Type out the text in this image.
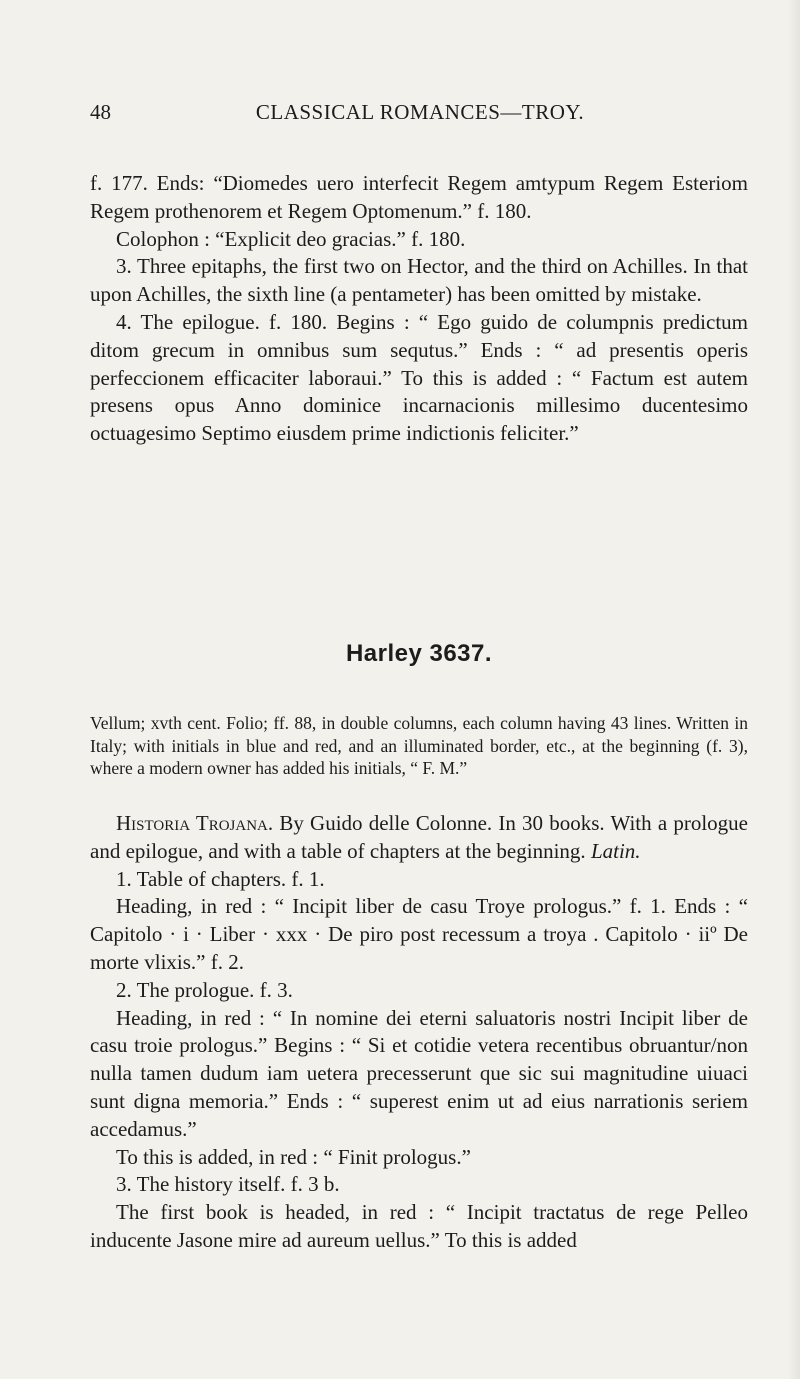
48	CLASSICAL ROMANCES—TROY.

f. 177. Ends: “Diomedes uero interfecit Regem amtypum Regem Esteriom Regem prothenorem et Regem Optomenum.” f. 180.

Colophon : “Explicit deo gracias.” f. 180.

3. Three epitaphs, the first two on Hector, and the third on Achilles. In that upon Achilles, the sixth line (a pentameter) has been omitted by mistake.

4. The epilogue. f. 180. Begins : “ Ego guido de columpnis predictum ditom grecum in omnibus sum sequtus.” Ends : “ ad presentis operis perfeccionem efficaciter laboraui.” To this is added : “ Factum est autem presens opus Anno dominice incarnacionis millesimo ducentesimo octuagesimo Septimo eiusdem prime indictionis feliciter.”

Harley 3637.

Vellum; xvth cent. Folio; ff. 88, in double columns, each column having 43 lines. Written in Italy; with initials in blue and red, and an illuminated border, etc., at the beginning (f. 3), where a modern owner has added his initials, “ F. M.”

Historia Trojana. By Guido delle Colonne. In 30 books. With a prologue and epilogue, and with a table of chapters at the beginning. Latin.

1. Table of chapters. f. 1.

Heading, in red : “ Incipit liber de casu Troye prologus.” f. 1. Ends : “ Capitolo · i · Liber · xxx · De piro post recessum a troya . Capitolo · iiº De morte vlixis.” f. 2.

2. The prologue. f. 3.

Heading, in red : “ In nomine dei eterni saluatoris nostri Incipit liber de casu troie prologus.” Begins : “ Si et cotidie vetera recentibus obruantur/non nulla tamen dudum iam uetera precesserunt que sic sui magnitudine uiuaci sunt digna memoria.” Ends : “ superest enim ut ad eius narrationis seriem accedamus.”

To this is added, in red : “ Finit prologus.”

3. The history itself. f. 3 b.

The first book is headed, in red : “ Incipit tractatus de rege Pelleo inducente Jasone mire ad aureum uellus.” To this is added
